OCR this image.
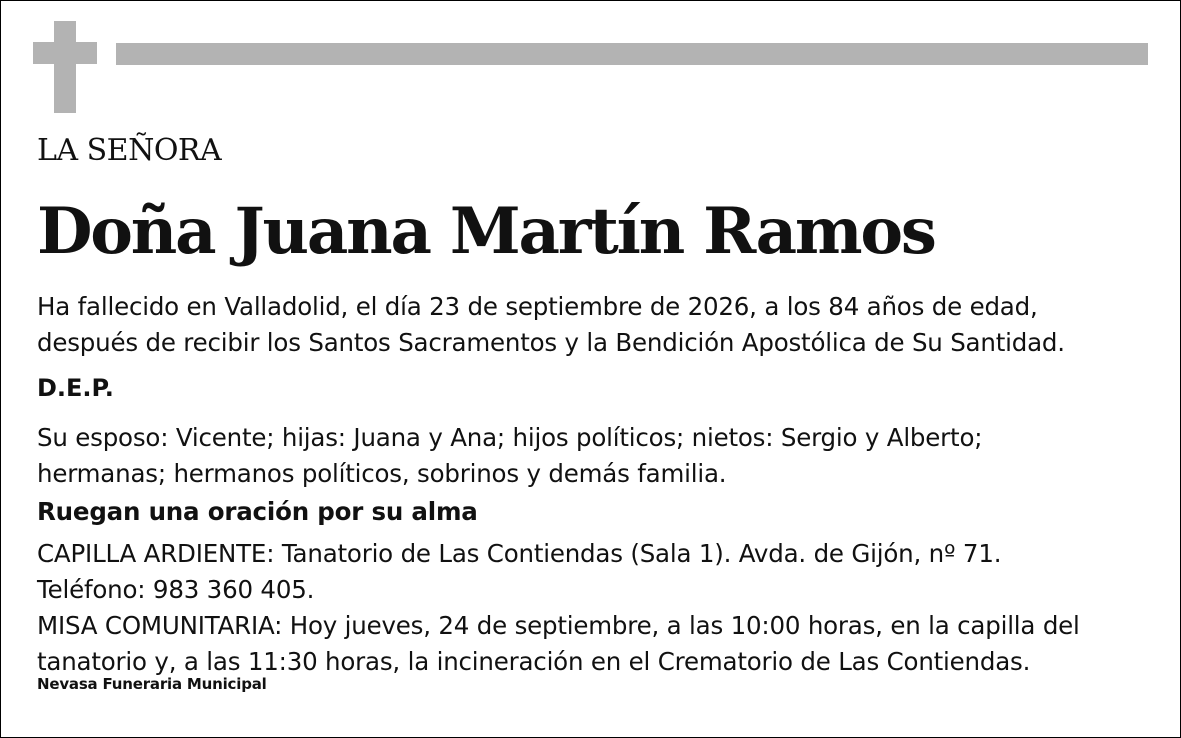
LA SEÑORA

Doña Juana Martín Ramos

Ha fallecido en Valladolid, el día 23 de septiembre de 2026, a los 84 años de edad,
después de recibir los Santos Sacramentos y la Bendición Apostólica de Su Santidad.

D.E.P.

Su esposo: Vicente; hijas: Juana y Ana; hijos políticos; nietos: Sergio y Alberto;
hermanas; hermanos políticos, sobrinos y demás familia.

Ruegan una oración por su alma

CAPILLA ARDIENTE: Tanatorio de Las Contiendas (Sala 1). Avda. de Gijón, nº 71.
Teléfono: 983 360 405.
MISA COMUNITARIA: Hoy jueves, 24 de septiembre, a las 10:00 horas, en la capilla del
tanatorio y, a las 11:30 horas, la incineración en el Crematorio de Las Contiendas.

Nevasa Funeraria Municipal
